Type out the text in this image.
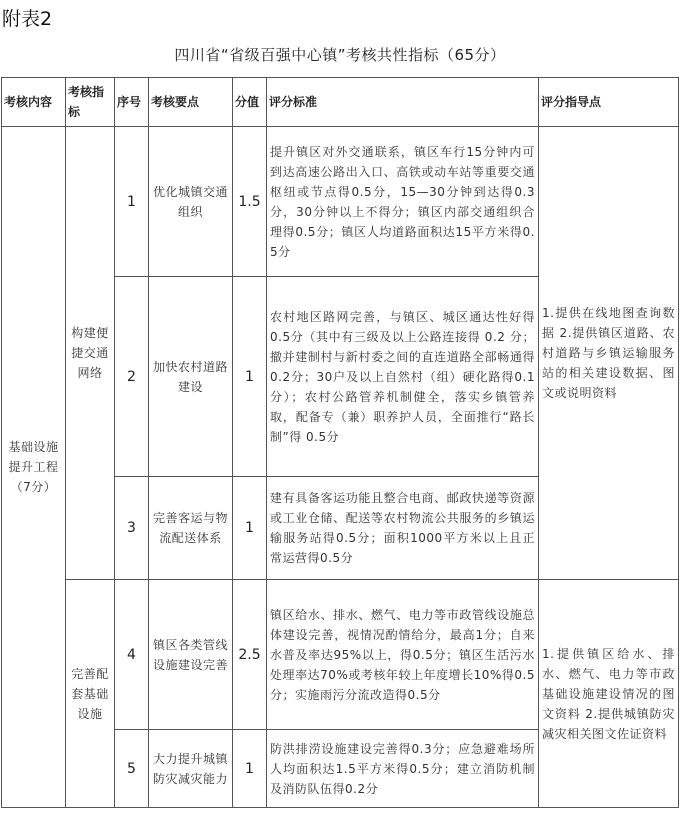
附表2
四川省“省级百强中心镇”考核共性指标（65分）
考核内容	考核指标	序号	考核要点	分值	评分标准	评分指导点
基础设施提升工程（7分）	构建便捷交通网络	1	优化城镇交通组织	1.5	提升镇区对外交通联系，镇区车行15分钟内可到达高速公路出入口、高铁或动车站等重要交通枢纽或节点得0.5分，15—30分钟到达得0.3分，30分钟以上不得分；镇区内部交通组织合理得0.5分；镇区人均道路面积达15平方米得0.5分	1.提供在线地图查询数据 2.提供镇区道路、农村道路与乡镇运输服务站的相关建设数据、图文或说明资料
		2	加快农村道路建设	1	农村地区路网完善，与镇区、城区通达性好得 0.5分（其中有三级及以上公路连接得 0.2 分；撤并建制村与新村委之间的直连道路全部畅通得 0.2分；30户及以上自然村（组）硬化路得0.1分）；农村公路管养机制健全，落实乡镇管养取，配备专（兼）职养护人员，全面推行“路长制”得 0.5分	
		3	完善客运与物流配送体系	1	建有具备客运功能且整合电商、邮政快递等资源或工业仓储、配送等农村物流公共服务的乡镇运输服务站得0.5分；面积1000平方米以上且正常运营得0.5分	
	完善配套基础设施	4	镇区各类管线设施建设完善	2.5	镇区给水、排水、燃气、电力等市政管线设施总体建设完善，视情况酌情给分，最高1分；自来水普及率达95%以上，得0.5分；镇区生活污水处理率达70%或考核年较上年度增长10%得0.5分；实施雨污分流改造得0.5分	1.提供镇区给水、排水、燃气、电力等市政基础设施建设情况的图文资料 2.提供城镇防灾减灾相关图文佐证资料
		5	大力提升城镇防灾减灾能力	1	防洪排涝设施建设完善得0.3分；应急避难场所人均面积达1.5平方米得0.5分；建立消防机制及消防队伍得0.2分	
